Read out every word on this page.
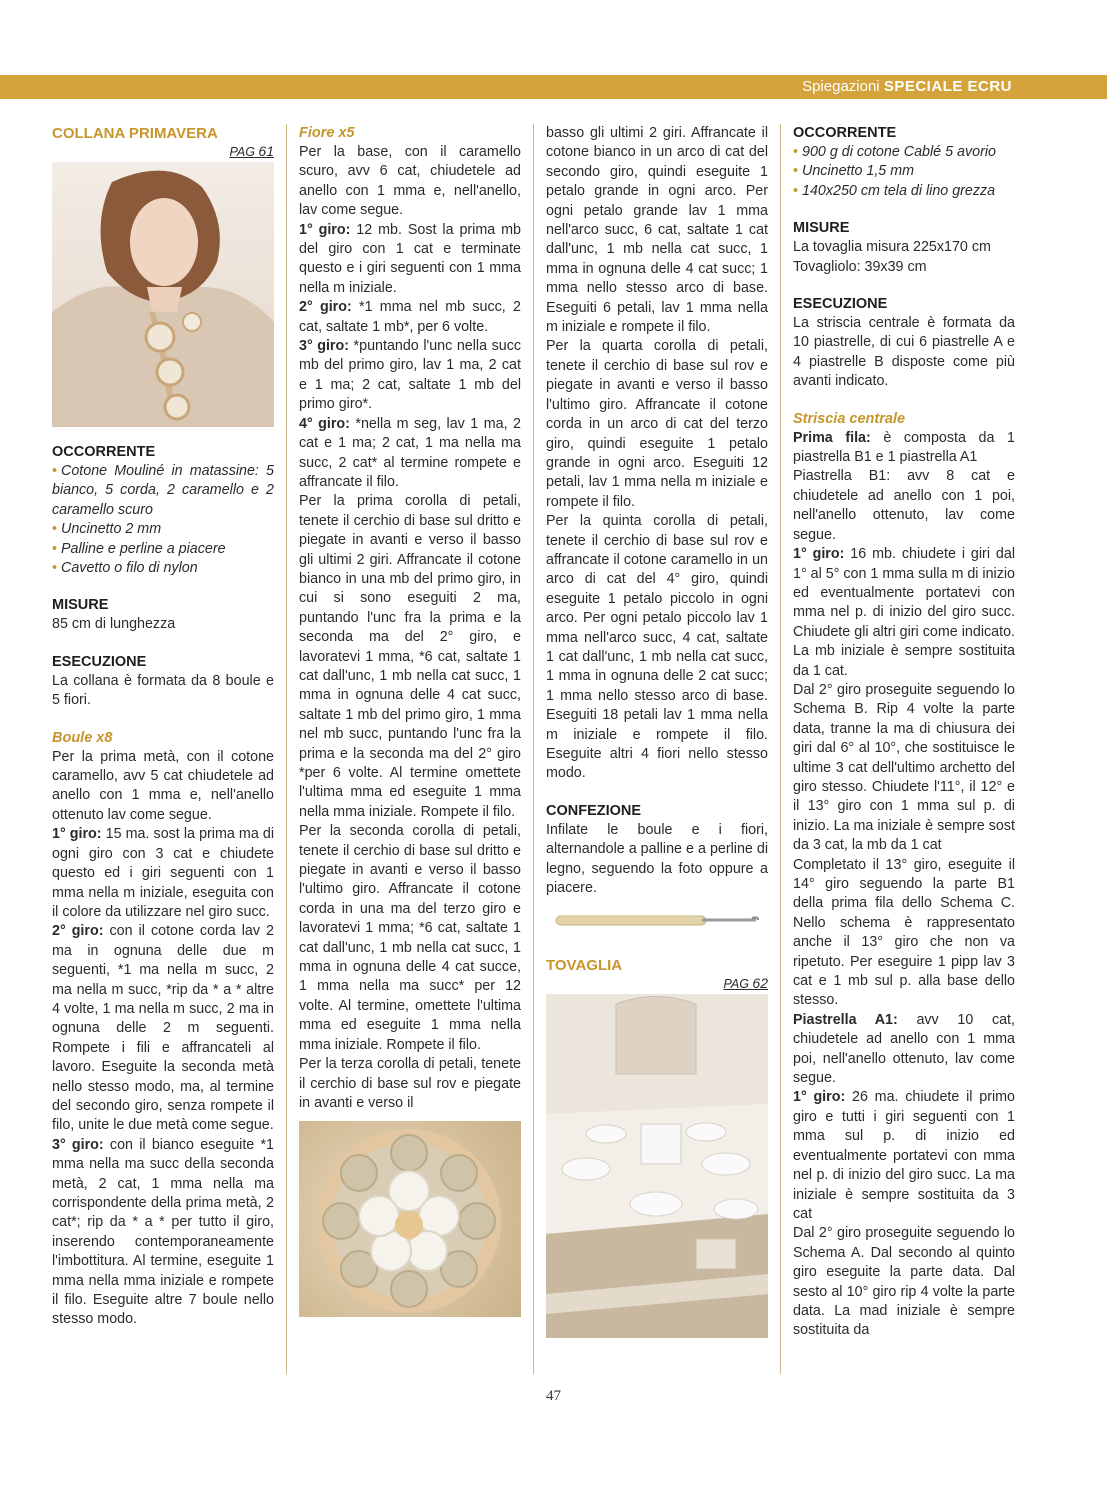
Spiegazioni SPECIALE ECRU

COLLANA PRIMAVERA

PAG 61

OCCORRENTE

• Cotone Mouliné in matassine: 5 bianco, 5 corda, 2 caramello e 2 caramello scuro

• Uncinetto 2 mm

• Palline e perline a piacere

• Cavetto o filo di nylon

MISURE

85 cm di lunghezza

ESECUZIONE

La collana è formata da 8 boule e 5 fiori.

Boule x8

Per la prima metà, con il cotone caramello, avv 5 cat chiudetele ad anello con 1 mma e, nell'anello ottenuto lav come segue.

1° giro: 15 ma. sost la prima ma di ogni giro con 3 cat e chiudete questo ed i giri seguenti con 1 mma nella m iniziale, eseguita con il colore da utilizzare nel giro succ.

2° giro: con il cotone corda lav 2 ma in ognuna delle due m seguenti, *1 ma nella m succ, 2 ma nella m succ, *rip da * a * altre 4 volte, 1 ma nella m succ, 2 ma in ognuna delle 2 m seguenti. Rompete i fili e affrancateli al lavoro. Eseguite la seconda metà nello stesso modo, ma, al termine del secondo giro, senza rompete il filo, unite le due metà come segue.

3° giro: con il bianco eseguite *1 mma nella ma succ della seconda metà, 2 cat, 1 mma nella ma corrispondente della prima metà, 2 cat*; rip da * a * per tutto il giro, inserendo contemporaneamente l'imbottitura. Al termine, eseguite 1 mma nella mma iniziale e rompete il filo. Eseguite altre 7 boule nello stesso modo.

Fiore x5

Per la base, con il caramello scuro, avv 6 cat, chiudetele ad anello con 1 mma e, nell'anello, lav come segue.

1° giro: 12 mb. Sost la prima mb del giro con 1 cat e terminate questo e i giri seguenti con 1 mma nella m iniziale.

2° giro: *1 mma nel mb succ, 2 cat, saltate 1 mb*, per 6 volte.

3° giro: *puntando l'unc nella succ mb del primo giro, lav 1 ma, 2 cat e 1 ma; 2 cat, saltate 1 mb del primo giro*.

4° giro: *nella m seg, lav 1 ma, 2 cat e 1 ma; 2 cat, 1 ma nella ma succ, 2 cat* al termine rompete e affrancate il filo.

Per la prima corolla di petali, tenete il cerchio di base sul dritto e piegate in avanti e verso il basso gli ultimi 2 giri. Affrancate il cotone bianco in una mb del primo giro, in cui si sono eseguiti 2 ma, puntando l'unc fra la prima e la seconda ma del 2° giro, e lavoratevi 1 mma, *6 cat, saltate 1 cat dall'unc, 1 mb nella cat succ, 1 mma in ognuna delle 4 cat succ, saltate 1 mb del primo giro, 1 mma nel mb succ, puntando l'unc fra la prima e la seconda ma del 2° giro *per 6 volte. Al termine omettete l'ultima mma ed eseguite 1 mma nella mma iniziale. Rompete il filo.

Per la seconda corolla di petali, tenete il cerchio di base sul dritto e piegate in avanti e verso il basso l'ultimo giro. Affrancate il cotone corda in una ma del terzo giro e lavoratevi 1 mma; *6 cat, saltate 1 cat dall'unc, 1 mb nella cat succ, 1 mma in ognuna delle 4 cat succe, 1 mma nella ma succ* per 12 volte. Al termine, omettete l'ultima mma ed eseguite 1 mma nella mma iniziale. Rompete il filo.

Per la terza corolla di petali, tenete il cerchio di base sul rov e piegate in avanti e verso il

basso gli ultimi 2 giri. Affrancate il cotone bianco in un arco di cat del secondo giro, quindi eseguite 1 petalo grande in ogni arco. Per ogni petalo grande lav 1 mma nell'arco succ, 6 cat, saltate 1 cat dall'unc, 1 mb nella cat succ, 1 mma in ognuna delle 4 cat succ; 1 mma nello stesso arco di base. Eseguiti 6 petali, lav 1 mma nella m iniziale e rompete il filo.

Per la quarta corolla di petali, tenete il cerchio di base sul rov e piegate in avanti e verso il basso l'ultimo giro. Affrancate il cotone corda in un arco di cat del terzo giro, quindi eseguite 1 petalo grande in ogni arco. Eseguiti 12 petali, lav 1 mma nella m iniziale e rompete il filo.

Per la quinta corolla di petali, tenete il cerchio di base sul rov e affrancate il cotone caramello in un arco di cat del 4° giro, quindi eseguite 1 petalo piccolo in ogni arco. Per ogni petalo piccolo lav 1 mma nell'arco succ, 4 cat, saltate 1 cat dall'unc, 1 mb nella cat succ, 1 mma in ognuna delle 2 cat succ; 1 mma nello stesso arco di base. Eseguiti 18 petali lav 1 mma nella m iniziale e rompete il filo. Eseguite altri 4 fiori nello stesso modo.

CONFEZIONE

Infilate le boule e i fiori, alternandole a palline e a perline di legno, seguendo la foto oppure a piacere.

TOVAGLIA

PAG 62

OCCORRENTE

• 900 g di cotone Cablé 5 avorio

• Uncinetto 1,5 mm

• 140x250 cm tela di lino grezza

MISURE

La tovaglia misura 225x170 cm

Tovagliolo: 39x39 cm

ESECUZIONE

La striscia centrale è formata da 10 piastrelle, di cui 6 piastrelle A e 4 piastrelle B disposte come più avanti indicato.

Striscia centrale

Prima fila: è composta da 1 piastrella B1 e 1 piastrella A1

Piastrella B1: avv 8 cat e chiudetele ad anello con 1 poi, nell'anello ottenuto, lav come segue.

1° giro: 16 mb. chiudete i giri dal 1° al 5° con 1 mma sulla m di inizio ed eventualmente portatevi con mma nel p. di inizio del giro succ. Chiudete gli altri giri come indicato. La mb iniziale è sempre sostituita da 1 cat.

Dal 2° giro proseguite seguendo lo Schema B. Rip 4 volte la parte data, tranne la ma di chiusura dei giri dal 6° al 10°, che sostituisce le ultime 3 cat dell'ultimo archetto del giro stesso. Chiudete l'11°, il 12° e il 13° giro con 1 mma sul p. di inizio. La ma iniziale è sempre sost da 3 cat, la mb da 1 cat

Completato il 13° giro, eseguite il 14° giro seguendo la parte B1 della prima fila dello Schema C. Nello schema è rappresentato anche il 13° giro che non va ripetuto. Per eseguire 1 pipp lav 3 cat e 1 mb sul p. alla base dello stesso.

Piastrella A1: avv 10 cat, chiudetele ad anello con 1 mma poi, nell'anello ottenuto, lav come segue.

1° giro: 26 ma. chiudete il primo giro e tutti i giri seguenti con 1 mma sul p. di inizio ed eventualmente portatevi con mma nel p. di inizio del giro succ. La ma iniziale è sempre sostituita da 3 cat

Dal 2° giro proseguite seguendo lo Schema A. Dal secondo al quinto giro eseguite la parte data. Dal sesto al 10° giro rip 4 volte la parte data. La mad iniziale è sempre sostituita da

47
